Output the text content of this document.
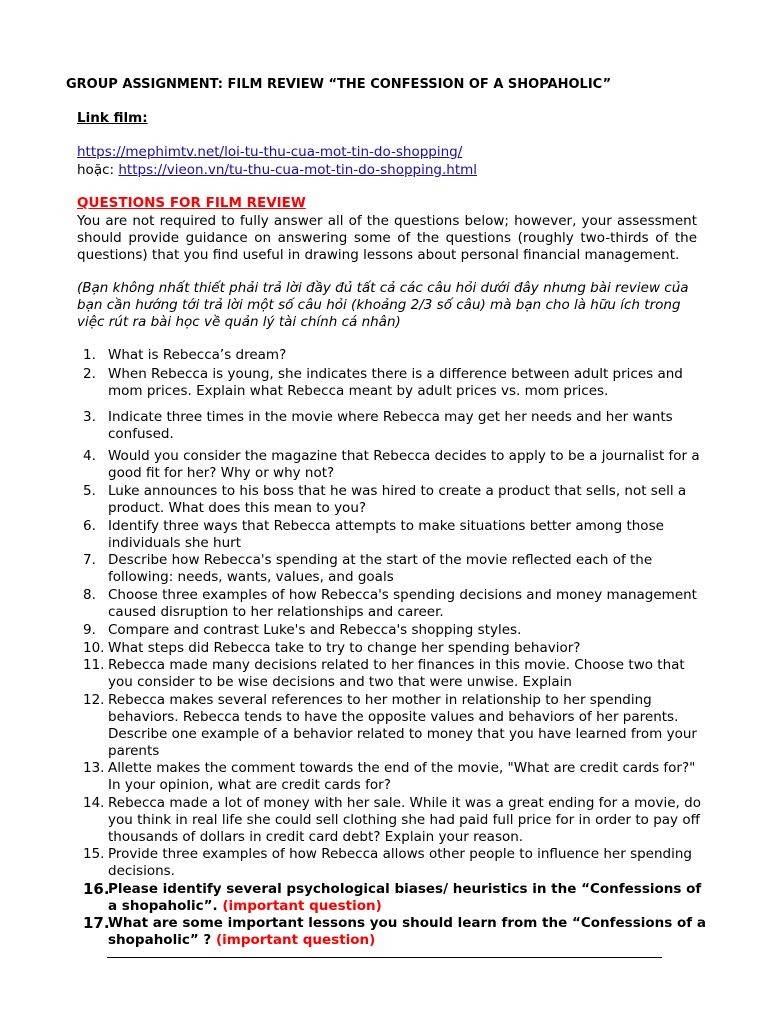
GROUP ASSIGNMENT: FILM REVIEW “THE CONFESSION OF A SHOPAHOLIC”
Link film:
https://mephimtv.net/loi-tu-thu-cua-mot-tin-do-shopping/
hoặc: https://vieon.vn/tu-thu-cua-mot-tin-do-shopping.html
QUESTIONS FOR FILM REVIEW
You are not required to fully answer all of the questions below; however, your assessment should provide guidance on answering some of the questions (roughly two-thirds of the questions) that you find useful in drawing lessons about personal financial management.
(Bạn không nhất thiết phải trả lời đầy đủ tất cả các câu hỏi dưới đây nhưng bài review của bạn cần hướng tới trả lời một số câu hỏi (khoảng 2/3 số câu) mà bạn cho là hữu ích trong việc rút ra bài học về quản lý tài chính cá nhân)
1. What is Rebecca’s dream?
2. When Rebecca is young, she indicates there is a difference between adult prices and mom prices. Explain what Rebecca meant by adult prices vs. mom prices.
3. Indicate three times in the movie where Rebecca may get her needs and her wants confused.
4. Would you consider the magazine that Rebecca decides to apply to be a journalist for a good fit for her? Why or why not?
5. Luke announces to his boss that he was hired to create a product that sells, not sell a product. What does this mean to you?
6. Identify three ways that Rebecca attempts to make situations better among those individuals she hurt
7. Describe how Rebecca's spending at the start of the movie reflected each of the following: needs, wants, values, and goals
8. Choose three examples of how Rebecca's spending decisions and money management caused disruption to her relationships and career.
9. Compare and contrast Luke's and Rebecca's shopping styles.
10. What steps did Rebecca take to try to change her spending behavior?
11. Rebecca made many decisions related to her finances in this movie. Choose two that you consider to be wise decisions and two that were unwise. Explain
12. Rebecca makes several references to her mother in relationship to her spending behaviors. Rebecca tends to have the opposite values and behaviors of her parents. Describe one example of a behavior related to money that you have learned from your parents
13. Allette makes the comment towards the end of the movie, "What are credit cards for?" In your opinion, what are credit cards for?
14. Rebecca made a lot of money with her sale. While it was a great ending for a movie, do you think in real life she could sell clothing she had paid full price for in order to pay off thousands of dollars in credit card debt? Explain your reason.
15. Provide three examples of how Rebecca allows other people to influence her spending decisions.
16.
Please identify several psychological biases/ heuristics in the “Confessions of a shopaholic”. (important question)
17.
What are some important lessons you should learn from the “Confessions of a shopaholic” ? (important question)
